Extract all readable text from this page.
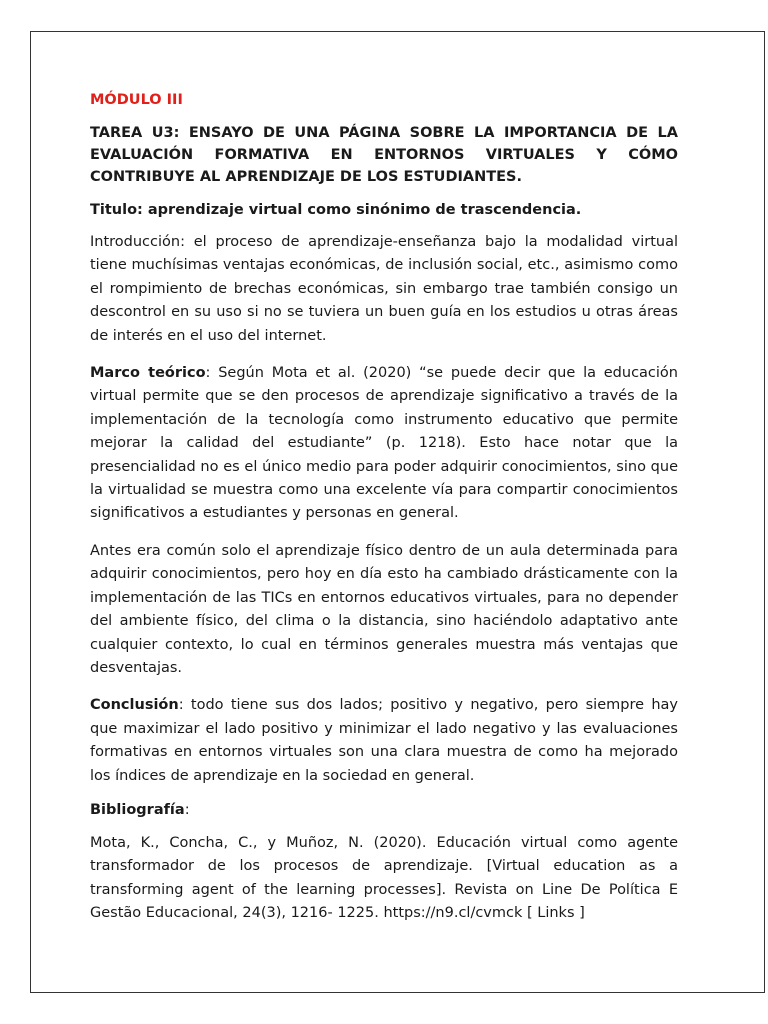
MÓDULO III
TAREA U3: ENSAYO DE UNA PÁGINA SOBRE LA IMPORTANCIA DE LA EVALUACIÓN FORMATIVA EN ENTORNOS VIRTUALES Y CÓMO CONTRIBUYE AL APRENDIZAJE DE LOS ESTUDIANTES.
Titulo: aprendizaje virtual como sinónimo de trascendencia.

Introducción: el proceso de aprendizaje-enseñanza bajo la modalidad virtual tiene muchísimas ventajas económicas, de inclusión social, etc., asimismo como el rompimiento de brechas económicas, sin embargo trae también consigo un descontrol en su uso si no se tuviera un buen guía en los estudios u otras áreas de interés en el uso del internet.

Marco teórico: Según Mota et al. (2020) “se puede decir que la educación virtual permite que se den procesos de aprendizaje significativo a través de la implementación de la tecnología como instrumento educativo que permite mejorar la calidad del estudiante” (p. 1218). Esto hace notar que la presencialidad no es el único medio para poder adquirir conocimientos, sino que la virtualidad se muestra como una excelente vía para compartir conocimientos significativos a estudiantes y personas en general.

Antes era común solo el aprendizaje físico dentro de un aula determinada para adquirir conocimientos, pero hoy en día esto ha cambiado drásticamente con la implementación de las TICs en entornos educativos virtuales, para no depender del ambiente físico, del clima o la distancia, sino haciéndolo adaptativo ante cualquier contexto, lo cual en términos generales muestra más ventajas que desventajas.

Conclusión: todo tiene sus dos lados; positivo y negativo, pero siempre hay que maximizar el lado positivo y minimizar el lado negativo y las evaluaciones formativas en entornos virtuales son una clara muestra de como ha mejorado los índices de aprendizaje en la sociedad en general.

Bibliografía:

Mota, K., Concha, C., y Muñoz, N. (2020). Educación virtual como agente transformador de los procesos de aprendizaje. [Virtual education as a transforming agent of the learning processes]. Revista on Line De Política E Gestão Educacional, 24(3), 1216- 1225. https://n9.cl/cvmck [ Links ]
